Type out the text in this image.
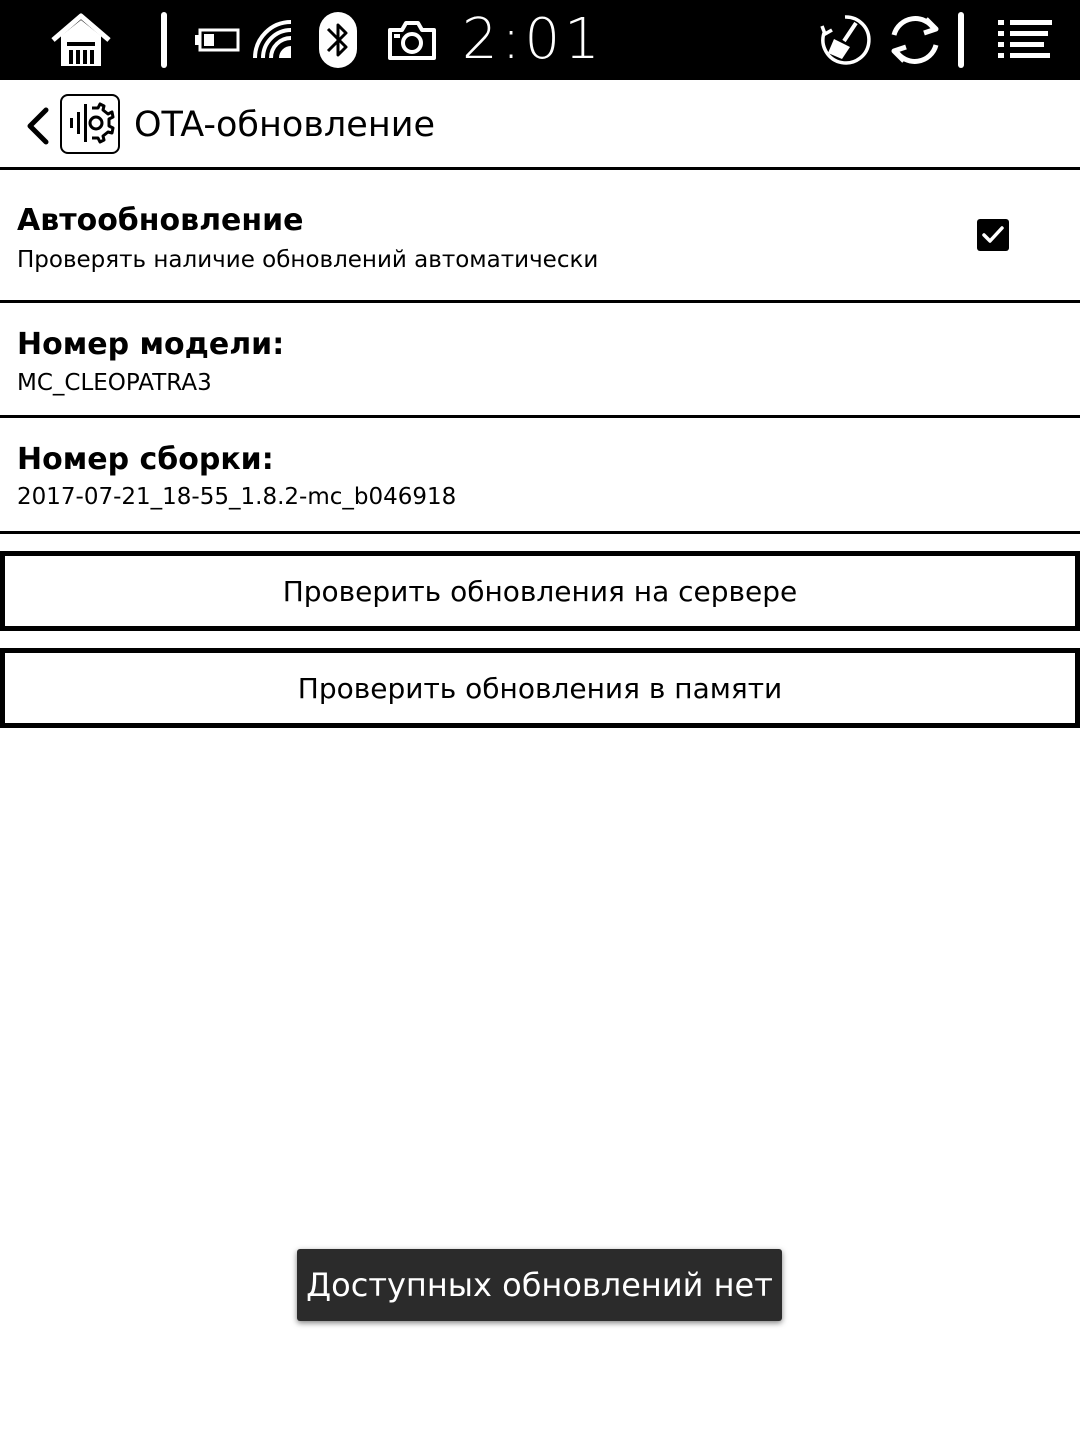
2:01
OTA-обновление
Автообновление
Проверять наличие обновлений автоматически
Номер модели:
MC_CLEOPATRA3
Номер сборки:
2017-07-21_18-55_1.8.2-mc_b046918
Проверить обновления на сервере
Проверить обновления в памяти
Доступных обновлений нет
